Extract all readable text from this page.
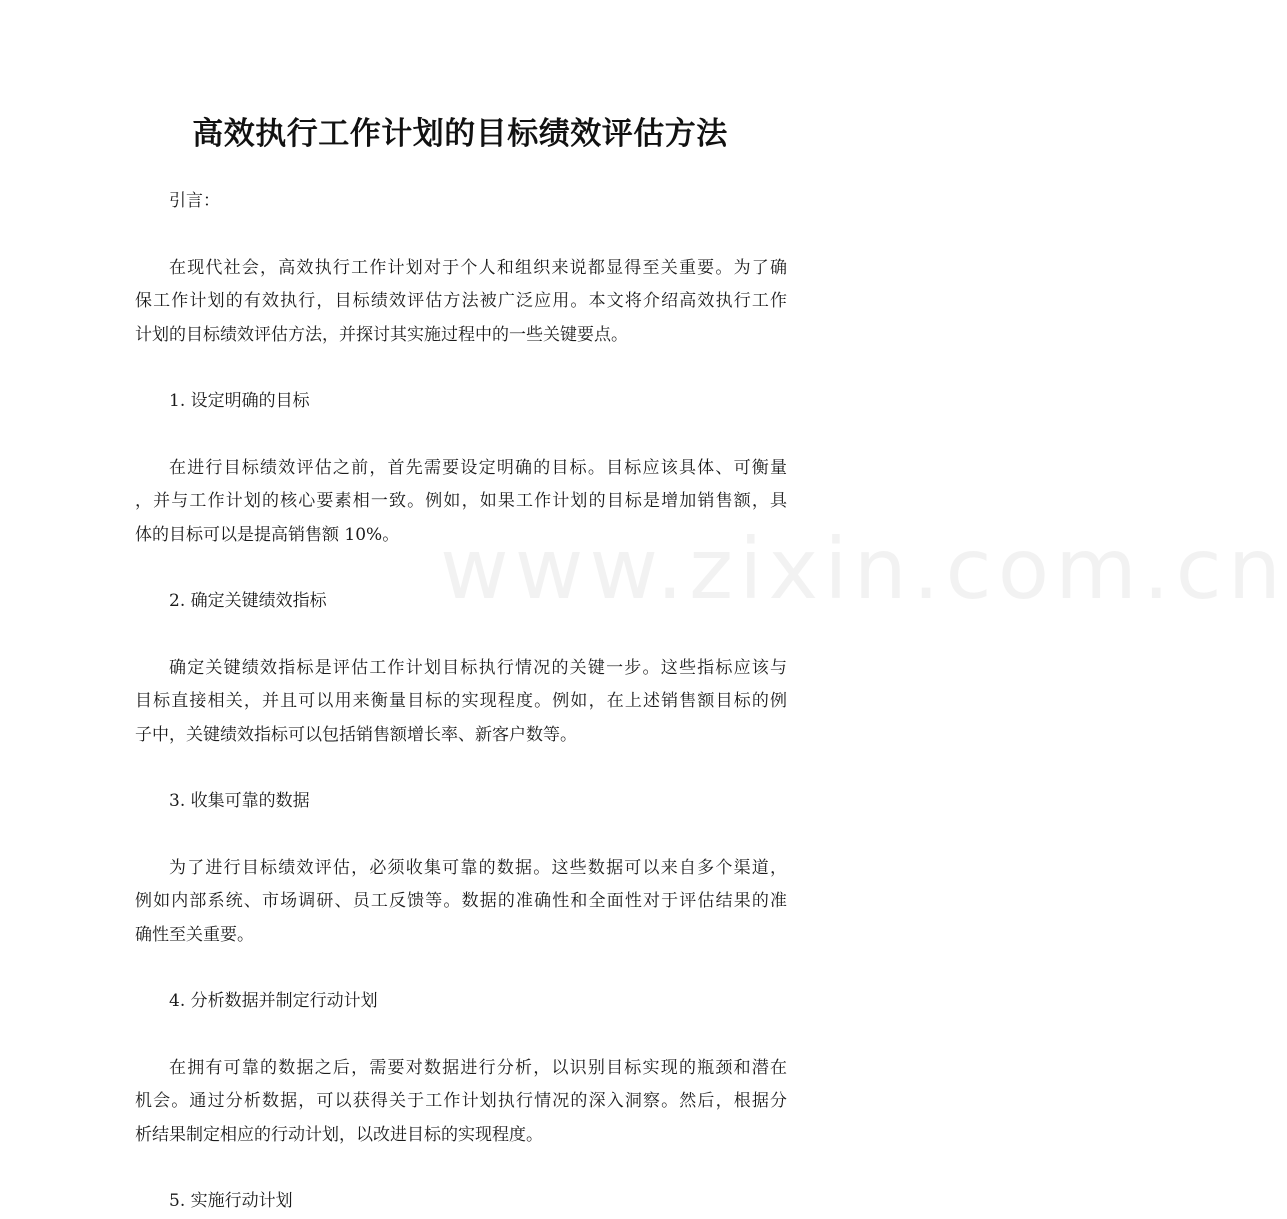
www.zixin.com.cn
高效执行工作计划的目标绩效评估方法

引言：

在现代社会，高效执行工作计划对于个人和组织来说都显得至关重要。为了确

保工作计划的有效执行，目标绩效评估方法被广泛应用。本文将介绍高效执行工作

计划的目标绩效评估方法，并探讨其实施过程中的一些关键要点。

1. 设定明确的目标

在进行目标绩效评估之前，首先需要设定明确的目标。目标应该具体、可衡量

，并与工作计划的核心要素相一致。例如，如果工作计划的目标是增加销售额，具

体的目标可以是提高销售额 10%。

2. 确定关键绩效指标

确定关键绩效指标是评估工作计划目标执行情况的关键一步。这些指标应该与

目标直接相关，并且可以用来衡量目标的实现程度。例如，在上述销售额目标的例

子中，关键绩效指标可以包括销售额增长率、新客户数等。

3. 收集可靠的数据

为了进行目标绩效评估，必须收集可靠的数据。这些数据可以来自多个渠道，

例如内部系统、市场调研、员工反馈等。数据的准确性和全面性对于评估结果的准

确性至关重要。

4. 分析数据并制定行动计划

在拥有可靠的数据之后，需要对数据进行分析，以识别目标实现的瓶颈和潜在

机会。通过分析数据，可以获得关于工作计划执行情况的深入洞察。然后，根据分

析结果制定相应的行动计划，以改进目标的实现程度。

5. 实施行动计划
